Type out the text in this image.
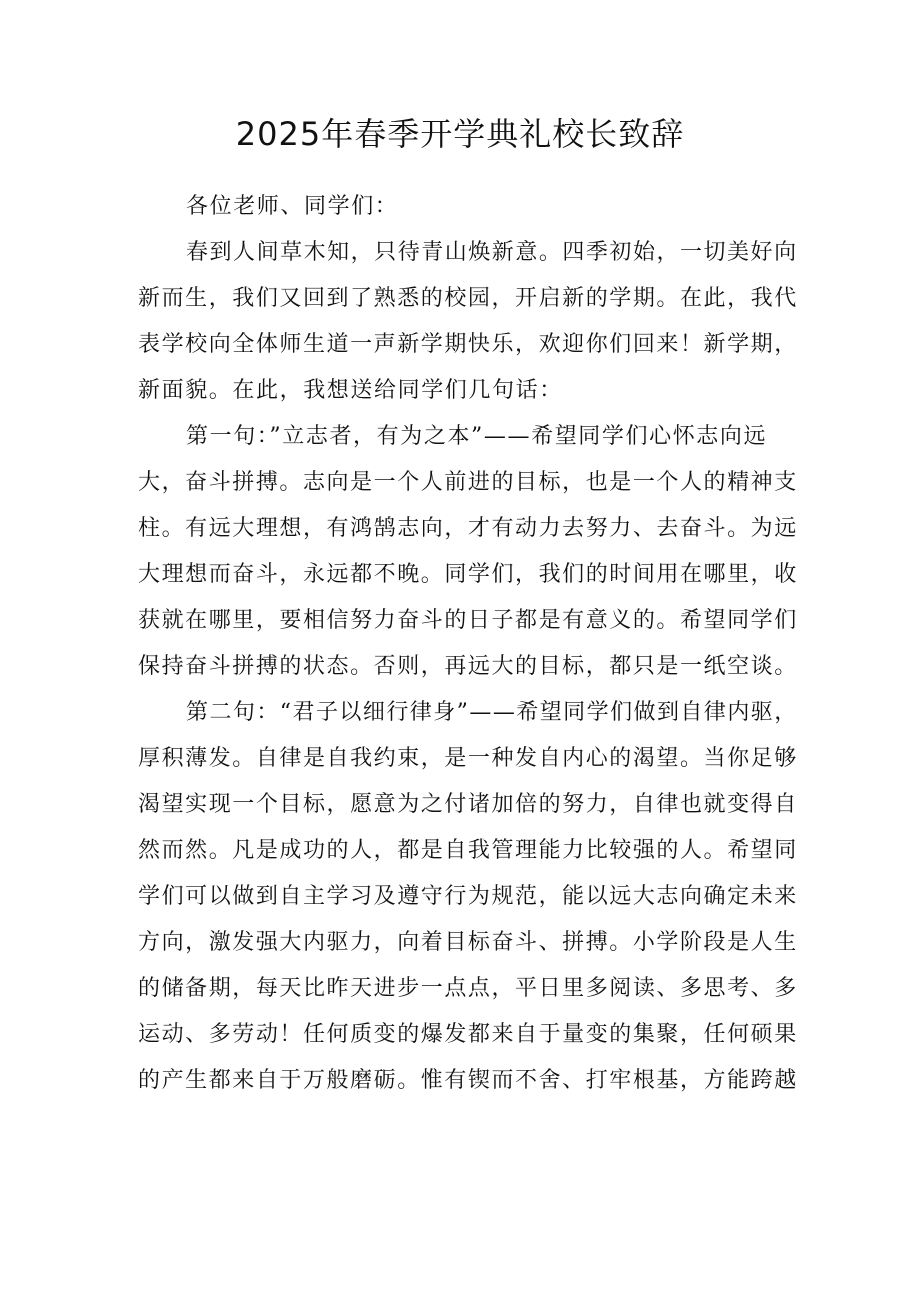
2025年春季开学典礼校长致辞
各位老师、同学们：
春到人间草木知，只待青山焕新意。四季初始，一切美好向
新而生，我们又回到了熟悉的校园，开启新的学期。在此，我代
表学校向全体师生道一声新学期快乐，欢迎你们回来！新学期，
新面貌。在此，我想送给同学们几句话：
第一句：”立志者，有为之本”——希望同学们心怀志向远
大，奋斗拼搏。志向是一个人前进的目标，也是一个人的精神支
柱。有远大理想，有鸿鹄志向，才有动力去努力、去奋斗。为远
大理想而奋斗，永远都不晚。同学们，我们的时间用在哪里，收
获就在哪里，要相信努力奋斗的日子都是有意义的。希望同学们
保持奋斗拼搏的状态。否则，再远大的目标，都只是一纸空谈。
第二句：“君子以细行律身”——希望同学们做到自律内驱，
厚积薄发。自律是自我约束，是一种发自内心的渴望。当你足够
渴望实现一个目标，愿意为之付诸加倍的努力，自律也就变得自
然而然。凡是成功的人，都是自我管理能力比较强的人。希望同
学们可以做到自主学习及遵守行为规范，能以远大志向确定未来
方向，激发强大内驱力，向着目标奋斗、拼搏。小学阶段是人生
的储备期，每天比昨天进步一点点，平日里多阅读、多思考、多
运动、多劳动！任何质变的爆发都来自于量变的集聚，任何硕果
的产生都来自于万般磨砺。惟有锲而不舍、打牢根基，方能跨越
